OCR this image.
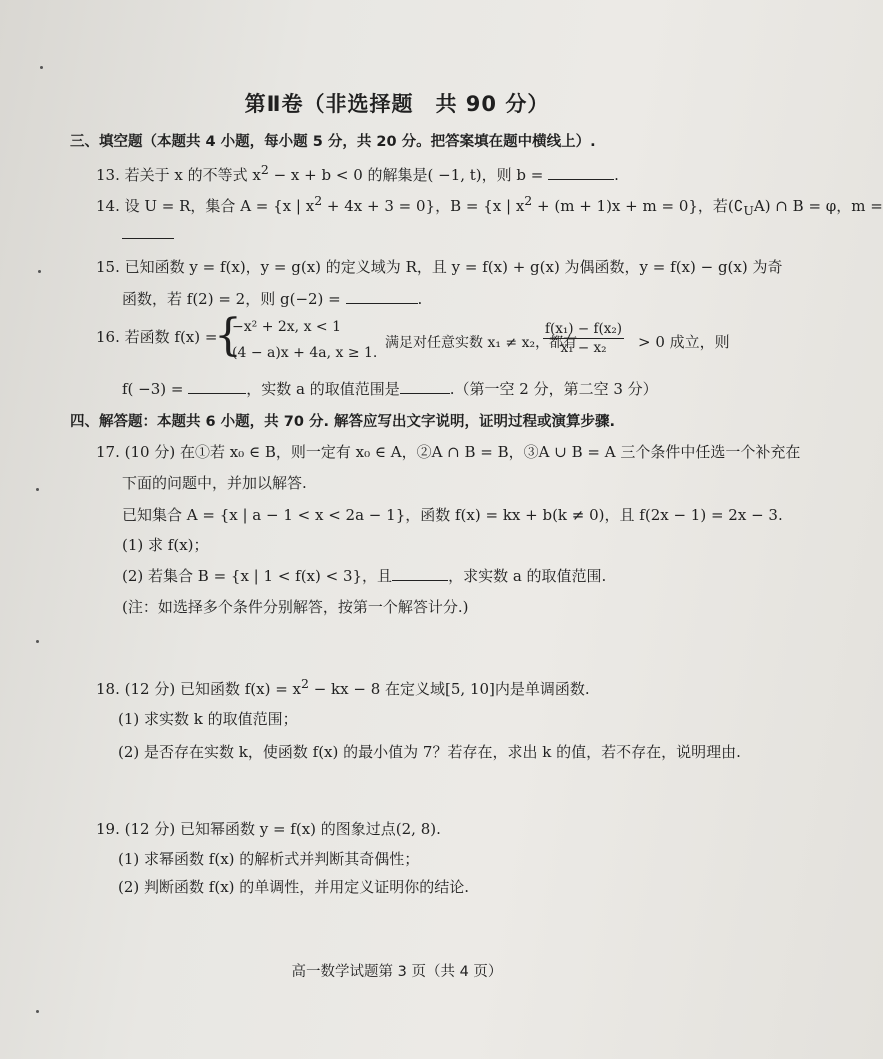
第Ⅱ卷（非选择题　共 90 分）
三、填空题（本题共 4 小题，每小题 5 分，共 20 分。把答案填在题中横线上）.
13. 若关于 x 的不等式 $x^2 - x + b < 0$ 的解集是( −1, t)，则 b =	.
14. 设 U = R，集合 A = {x | $x^2 + 4x + 3 = 0$}，B = {x | $x^2 + (m + 1)x + m = 0$}，若$(∁_UA)$ ∩ B = φ，m =
15. 已知函数 y = f(x)，y = g(x) 的定义域为 R，且 y = f(x) + g(x) 为偶函数，y = f(x) − g(x) 为奇
函数，若 f(2) = 2，则 g(−2) =	.
16. 若函数 f(x) =
{
−x² + 2x, x < 1
(4 − a)x + 4a, x ≥ 1.
满足对任意实数 x₁ ≠ x₂，都有
$\frac{\text{f(x₁) − f(x₂)}}{\text{x₁ − x₂}} > 0$ 成立，则
f( −3) =	，实数 a 的取值范围是	.（第一空 2 分，第二空 3 分）
四、解答题：本题共 6 小题，共 70 分. 解答应写出文字说明，证明过程或演算步骤.
17. (10 分) 在①若 x₀ ∈ B，则一定有 x₀ ∈ A，②A ∩ B = B，③A ∪ B = A 三个条件中任选一个补充在
下面的问题中，并加以解答.
已知集合 A = {x | a − 1 < x < 2a − 1}，函数 f(x) = kx + b(k ≠ 0)，且 f(2x − 1) = 2x − 3.
(1) 求 f(x)；
(2) 若集合 B = {x | 1 < f(x) < 3}，且	，求实数 a 的取值范围.
(注：如选择多个条件分别解答，按第一个解答计分.)
18. (12 分) 已知函数 $f(x) = x^2$ − kx − 8 在定义域[5, 10]内是单调函数.
(1) 求实数 k 的取值范围；
(2) 是否存在实数 k，使函数 f(x) 的最小值为 7？若存在，求出 k 的值，若不存在，说明理由.
19. (12 分) 已知幂函数 y = f(x) 的图象过点(2, 8).
(1) 求幂函数 f(x) 的解析式并判断其奇偶性；
(2) 判断函数 f(x) 的单调性，并用定义证明你的结论.
高一数学试题第 3 页（共 4 页）
